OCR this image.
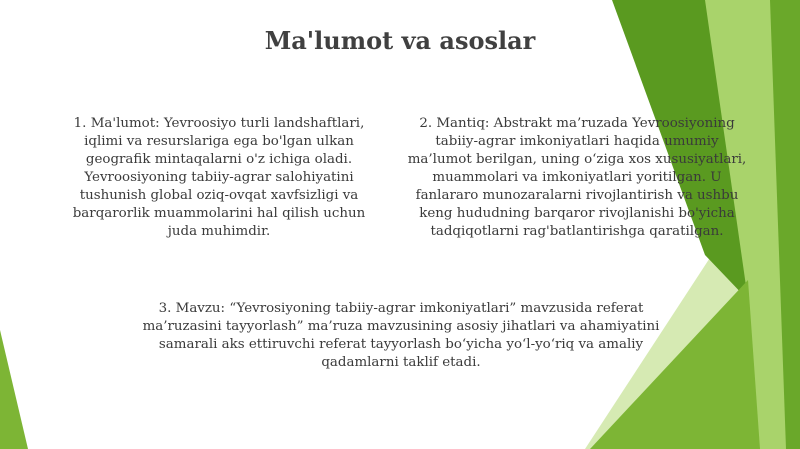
Ma'lumot va asoslar
1. Ma'lumot: Yevroosiyo turli landshaftlari, iqlimi va resurslariga ega bo'lgan ulkan geografik mintaqalarni o'z ichiga oladi. Yevroosiyoning tabiiy-agrar salohiyatini tushunish global oziq-ovqat xavfsizligi va barqarorlik muammolarini hal qilish uchun juda muhimdir.
2. Mantiq: Abstrakt ma’ruzada Yevroosiyoning tabiiy-agrar imkoniyatlari haqida umumiy ma’lumot berilgan, uning o‘ziga xos xususiyatlari, muammolari va imkoniyatlari yoritilgan. U fanlararo munozaralarni rivojlantirish va ushbu keng hududning barqaror rivojlanishi bo'yicha tadqiqotlarni rag'batlantirishga qaratilgan.
3. Mavzu: “Yevrosiyoning tabiiy-agrar imkoniyatlari” mavzusida referat ma’ruzasini tayyorlash” ma’ruza mavzusining asosiy jihatlari va ahamiyatini samarali aks ettiruvchi referat tayyorlash bo‘yicha yo‘l-yo‘riq va amaliy qadamlarni taklif etadi.
